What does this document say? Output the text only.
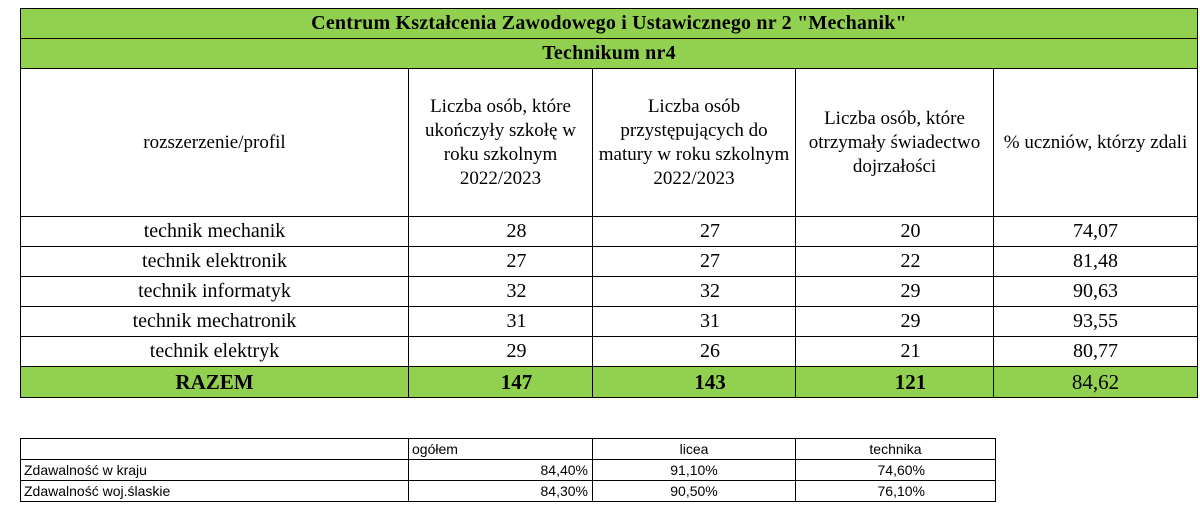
Centrum Kształcenia Zawodowego i Ustawicznego nr 2 "Mechanik"				
Technikum nr4				
rozszerzenie/profil	Liczba osób, które ukończyły szkołę w roku szkolnym 2022/2023	Liczba osób przystępujących do matury w roku szkolnym 2022/2023	Liczba osób, które otrzymały świadectwo dojrzałości	% uczniów, którzy zdali
technik mechanik	28	27	20	74,07
technik elektronik	27	27	22	81,48
technik informatyk	32	32	29	90,63
technik mechatronik	31	31	29	93,55
technik elektryk	29	26	21	80,77
RAZEM	147	143	121	84,62
	ogółem	licea	technika
Zdawalność w kraju	84,40%	91,10%	74,60%
Zdawalność woj.ślaskie	84,30%	90,50%	76,10%
